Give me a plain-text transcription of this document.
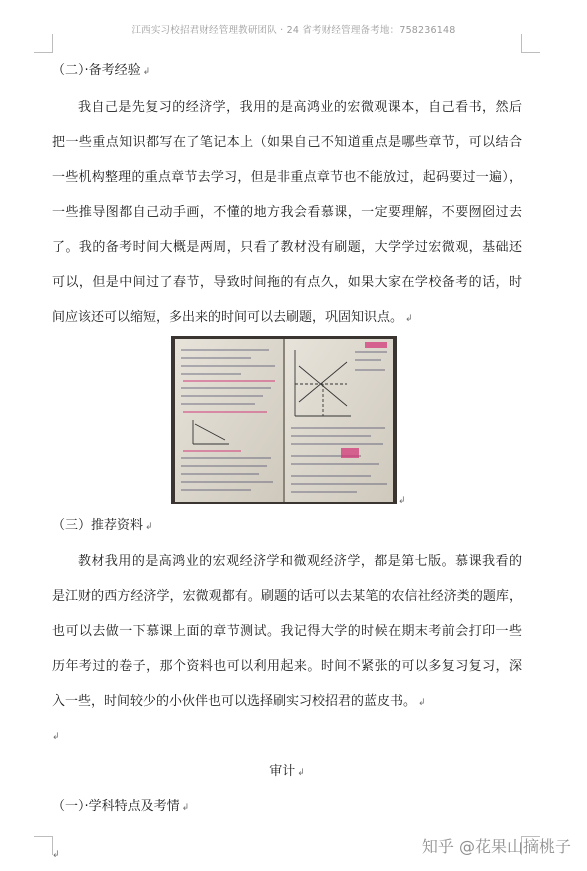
江西实习校招君财经管理教研团队 · 24 省考财经管理备考地：758236148
（二）·备考经验 ↲
我自己是先复习的经济学，我用的是高鸿业的宏微观课本，自己看书，然后
把一些重点知识都写在了笔记本上（如果自己不知道重点是哪些章节，可以结合
一些机构整理的重点章节去学习，但是非重点章节也不能放过，起码要过一遍），
一些推导图都自己动手画，不懂的地方我会看慕课，一定要理解，不要囫囵过去
了。我的备考时间大概是两周，只看了教材没有刷题，大学学过宏微观，基础还
可以，但是中间过了春节，导致时间拖的有点久，如果大家在学校备考的话，时
间应该还可以缩短，多出来的时间可以去刷题，巩固知识点。 ↲
↲
（三）推荐资料 ↲
教材我用的是高鸿业的宏观经济学和微观经济学，都是第七版。慕课我看的
是江财的西方经济学，宏微观都有。刷题的话可以去某笔的农信社经济类的题库，
也可以去做一下慕课上面的章节测试。我记得大学的时候在期末考前会打印一些
历年考过的卷子，那个资料也可以利用起来。时间不紧张的可以多复习复习，深
入一些，时间较少的小伙伴也可以选择刷实习校招君的蓝皮书。 ↲
↲
审计 ↲
（一）·学科特点及考情 ↲
↲	知乎 @花果山摘桃子
